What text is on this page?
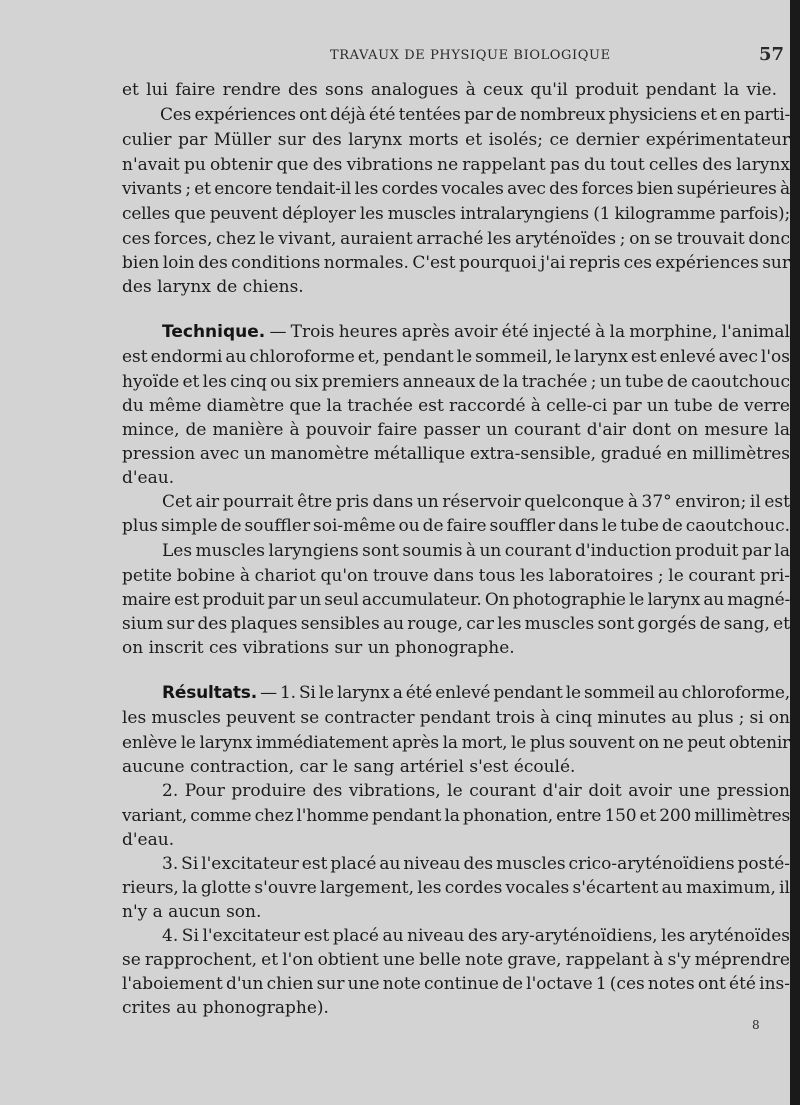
TRAVAUX DE PHYSIQUE BIOLOGIQUE	57
et lui faire rendre des sons analogues à ceux qu'il produit pendant la vie.
Ces expériences ont déjà été tentées par de nombreux physiciens et en parti-
culier par Müller sur des larynx morts et isolés; ce dernier expérimentateur
n'avait pu obtenir que des vibrations ne rappelant pas du tout celles des larynx
vivants ; et encore tendait-il les cordes vocales avec des forces bien supérieures à
celles que peuvent déployer les muscles intralaryngiens (1 kilogramme parfois);
ces forces, chez le vivant, auraient arraché les aryténoïdes ; on se trouvait donc
bien loin des conditions normales. C'est pourquoi j'ai repris ces expériences sur
des larynx de chiens.
Technique. — Trois heures après avoir été injecté à la morphine, l'animal
est endormi au chloroforme et, pendant le sommeil, le larynx est enlevé avec l'os
hyoïde et les cinq ou six premiers anneaux de la trachée ; un tube de caoutchouc
du même diamètre que la trachée est raccordé à celle-ci par un tube de verre
mince, de manière à pouvoir faire passer un courant d'air dont on mesure la
pression avec un manomètre métallique extra-sensible, gradué en millimètres
d'eau.
Cet air pourrait être pris dans un réservoir quelconque à 37° environ; il est
plus simple de souffler soi-même ou de faire souffler dans le tube de caoutchouc.
Les muscles laryngiens sont soumis à un courant d'induction produit par la
petite bobine à chariot qu'on trouve dans tous les laboratoires ; le courant pri-
maire est produit par un seul accumulateur. On photographie le larynx au magné-
sium sur des plaques sensibles au rouge, car les muscles sont gorgés de sang, et
on inscrit ces vibrations sur un phonographe.
Résultats. — 1. Si le larynx a été enlevé pendant le sommeil au chloroforme,
les muscles peuvent se contracter pendant trois à cinq minutes au plus ; si on
enlève le larynx immédiatement après la mort, le plus souvent on ne peut obtenir
aucune contraction, car le sang artériel s'est écoulé.
2. Pour produire des vibrations, le courant d'air doit avoir une pression
variant, comme chez l'homme pendant la phonation, entre 150 et 200 millimètres
d'eau.
3. Si l'excitateur est placé au niveau des muscles crico-aryténoïdiens posté-
rieurs, la glotte s'ouvre largement, les cordes vocales s'écartent au maximum, il
n'y a aucun son.
4. Si l'excitateur est placé au niveau des ary-aryténoïdiens, les aryténoïdes
se rapprochent, et l'on obtient une belle note grave, rappelant à s'y méprendre
l'aboiement d'un chien sur une note continue de l'octave 1 (ces notes ont été ins-
crites au phonographe).
8
